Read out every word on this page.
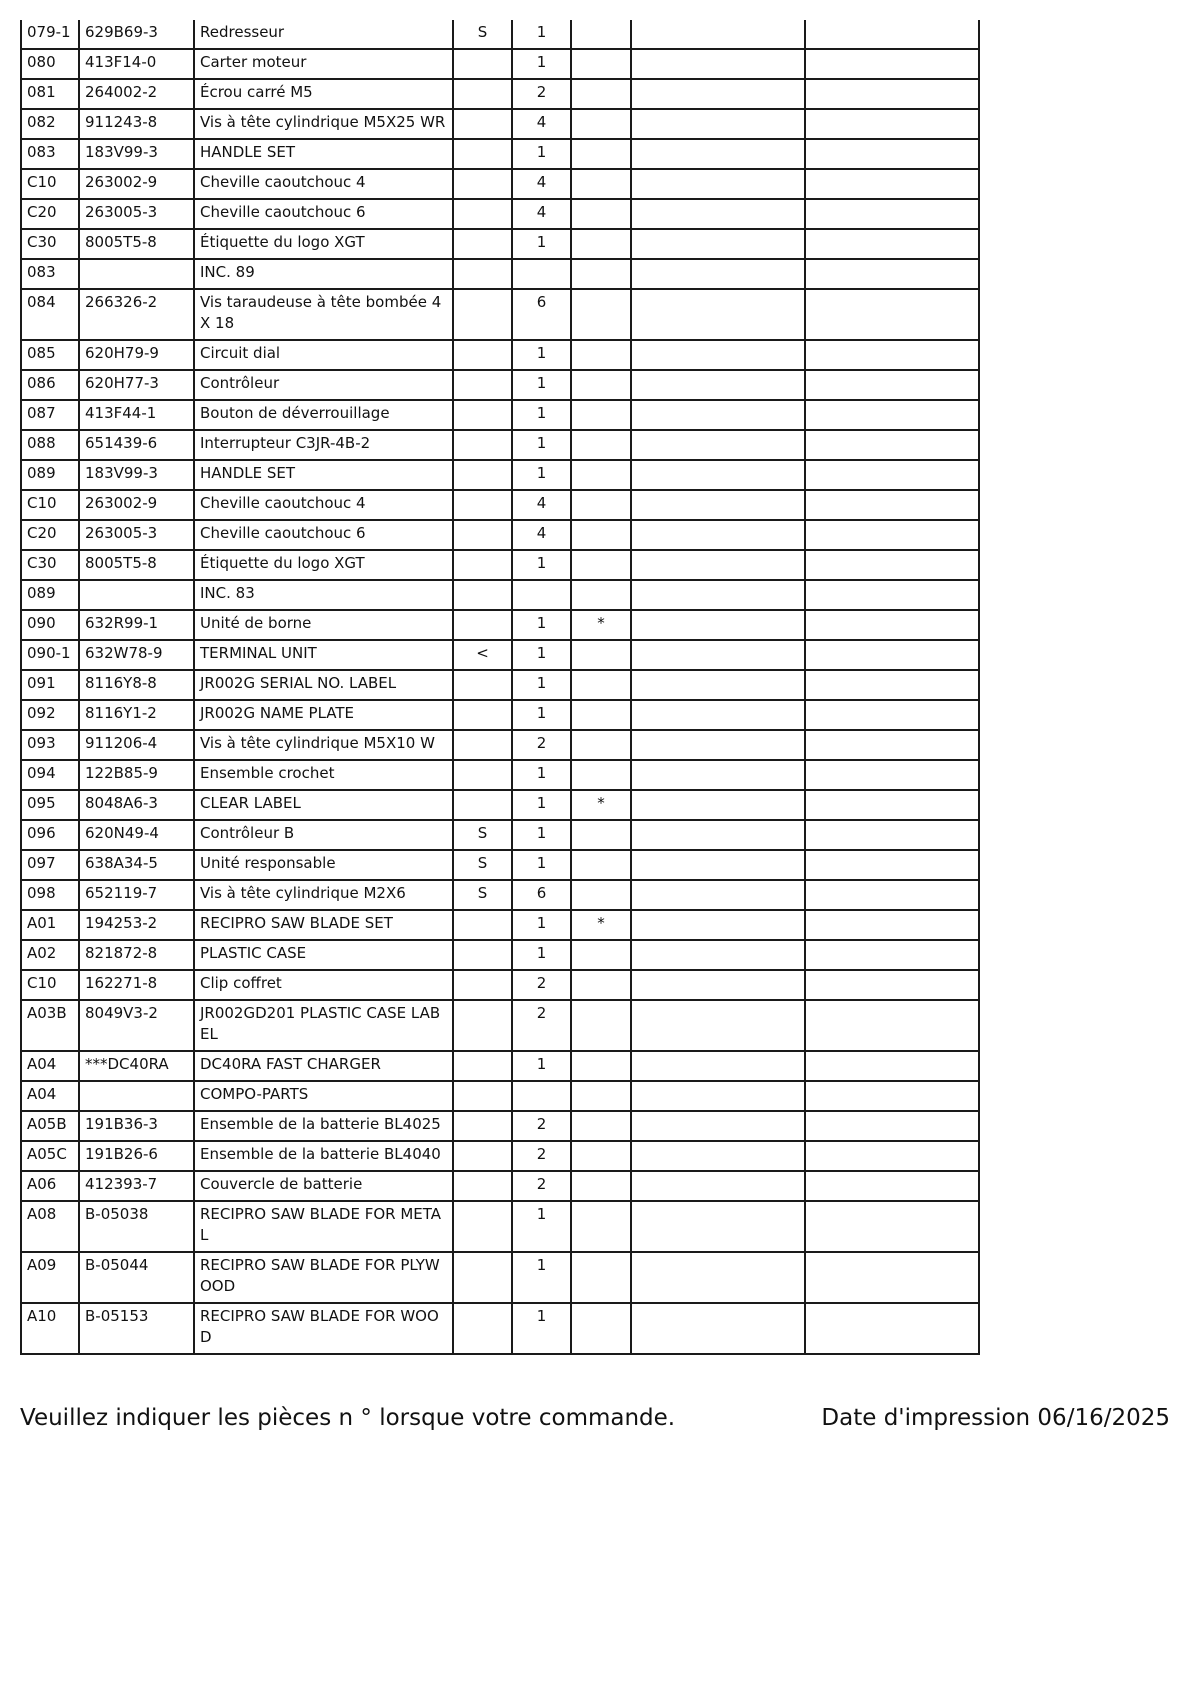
079-1	629B69-3	Redresseur	S	1			
080	413F14-0	Carter moteur		1			
081	264002-2	Écrou carré M5		2			
082	911243-8	Vis à tête cylindrique M5X25 WR		4			
083	183V99-3	HANDLE SET		1			
C10	263002-9	Cheville caoutchouc 4		4			
C20	263005-3	Cheville caoutchouc 6		4			
C30	8005T5-8	Étiquette du logo XGT		1			
083		INC. 89					
084	266326-2	Vis taraudeuse à tête bombée 4X 18		6			
085	620H79-9	Circuit dial		1			
086	620H77-3	Contrôleur		1			
087	413F44-1	Bouton de déverrouillage		1			
088	651439-6	Interrupteur C3JR-4B-2		1			
089	183V99-3	HANDLE SET		1			
C10	263002-9	Cheville caoutchouc 4		4			
C20	263005-3	Cheville caoutchouc 6		4			
C30	8005T5-8	Étiquette du logo XGT		1			
089		INC. 83					
090	632R99-1	Unité de borne		1	*		
090-1	632W78-9	TERMINAL UNIT	<	1			
091	8116Y8-8	JR002G SERIAL NO. LABEL		1			
092	8116Y1-2	JR002G NAME PLATE		1			
093	911206-4	Vis à tête cylindrique M5X10 W		2			
094	122B85-9	Ensemble crochet		1			
095	8048A6-3	CLEAR LABEL		1	*		
096	620N49-4	Contrôleur B	S	1			
097	638A34-5	Unité responsable	S	1			
098	652119-7	Vis à tête cylindrique M2X6	S	6			
A01	194253-2	RECIPRO SAW BLADE SET		1	*		
A02	821872-8	PLASTIC CASE		1			
C10	162271-8	Clip coffret		2			
A03B	8049V3-2	JR002GD201 PLASTIC CASE LABEL		2			
A04	***DC40RA	DC40RA FAST CHARGER		1			
A04		COMPO-PARTS					
A05B	191B36-3	Ensemble de la batterie BL4025		2			
A05C	191B26-6	Ensemble de la batterie BL4040		2			
A06	412393-7	Couvercle de batterie		2			
A08	B-05038	RECIPRO SAW BLADE FOR METAL		1			
A09	B-05044	RECIPRO SAW BLADE FOR PLYWOOD		1			
A10	B-05153	RECIPRO SAW BLADE FOR WOOD		1			
Veuillez indiquer les pièces n ° lorsque votre commande.	Date d'impression 06/16/2025
